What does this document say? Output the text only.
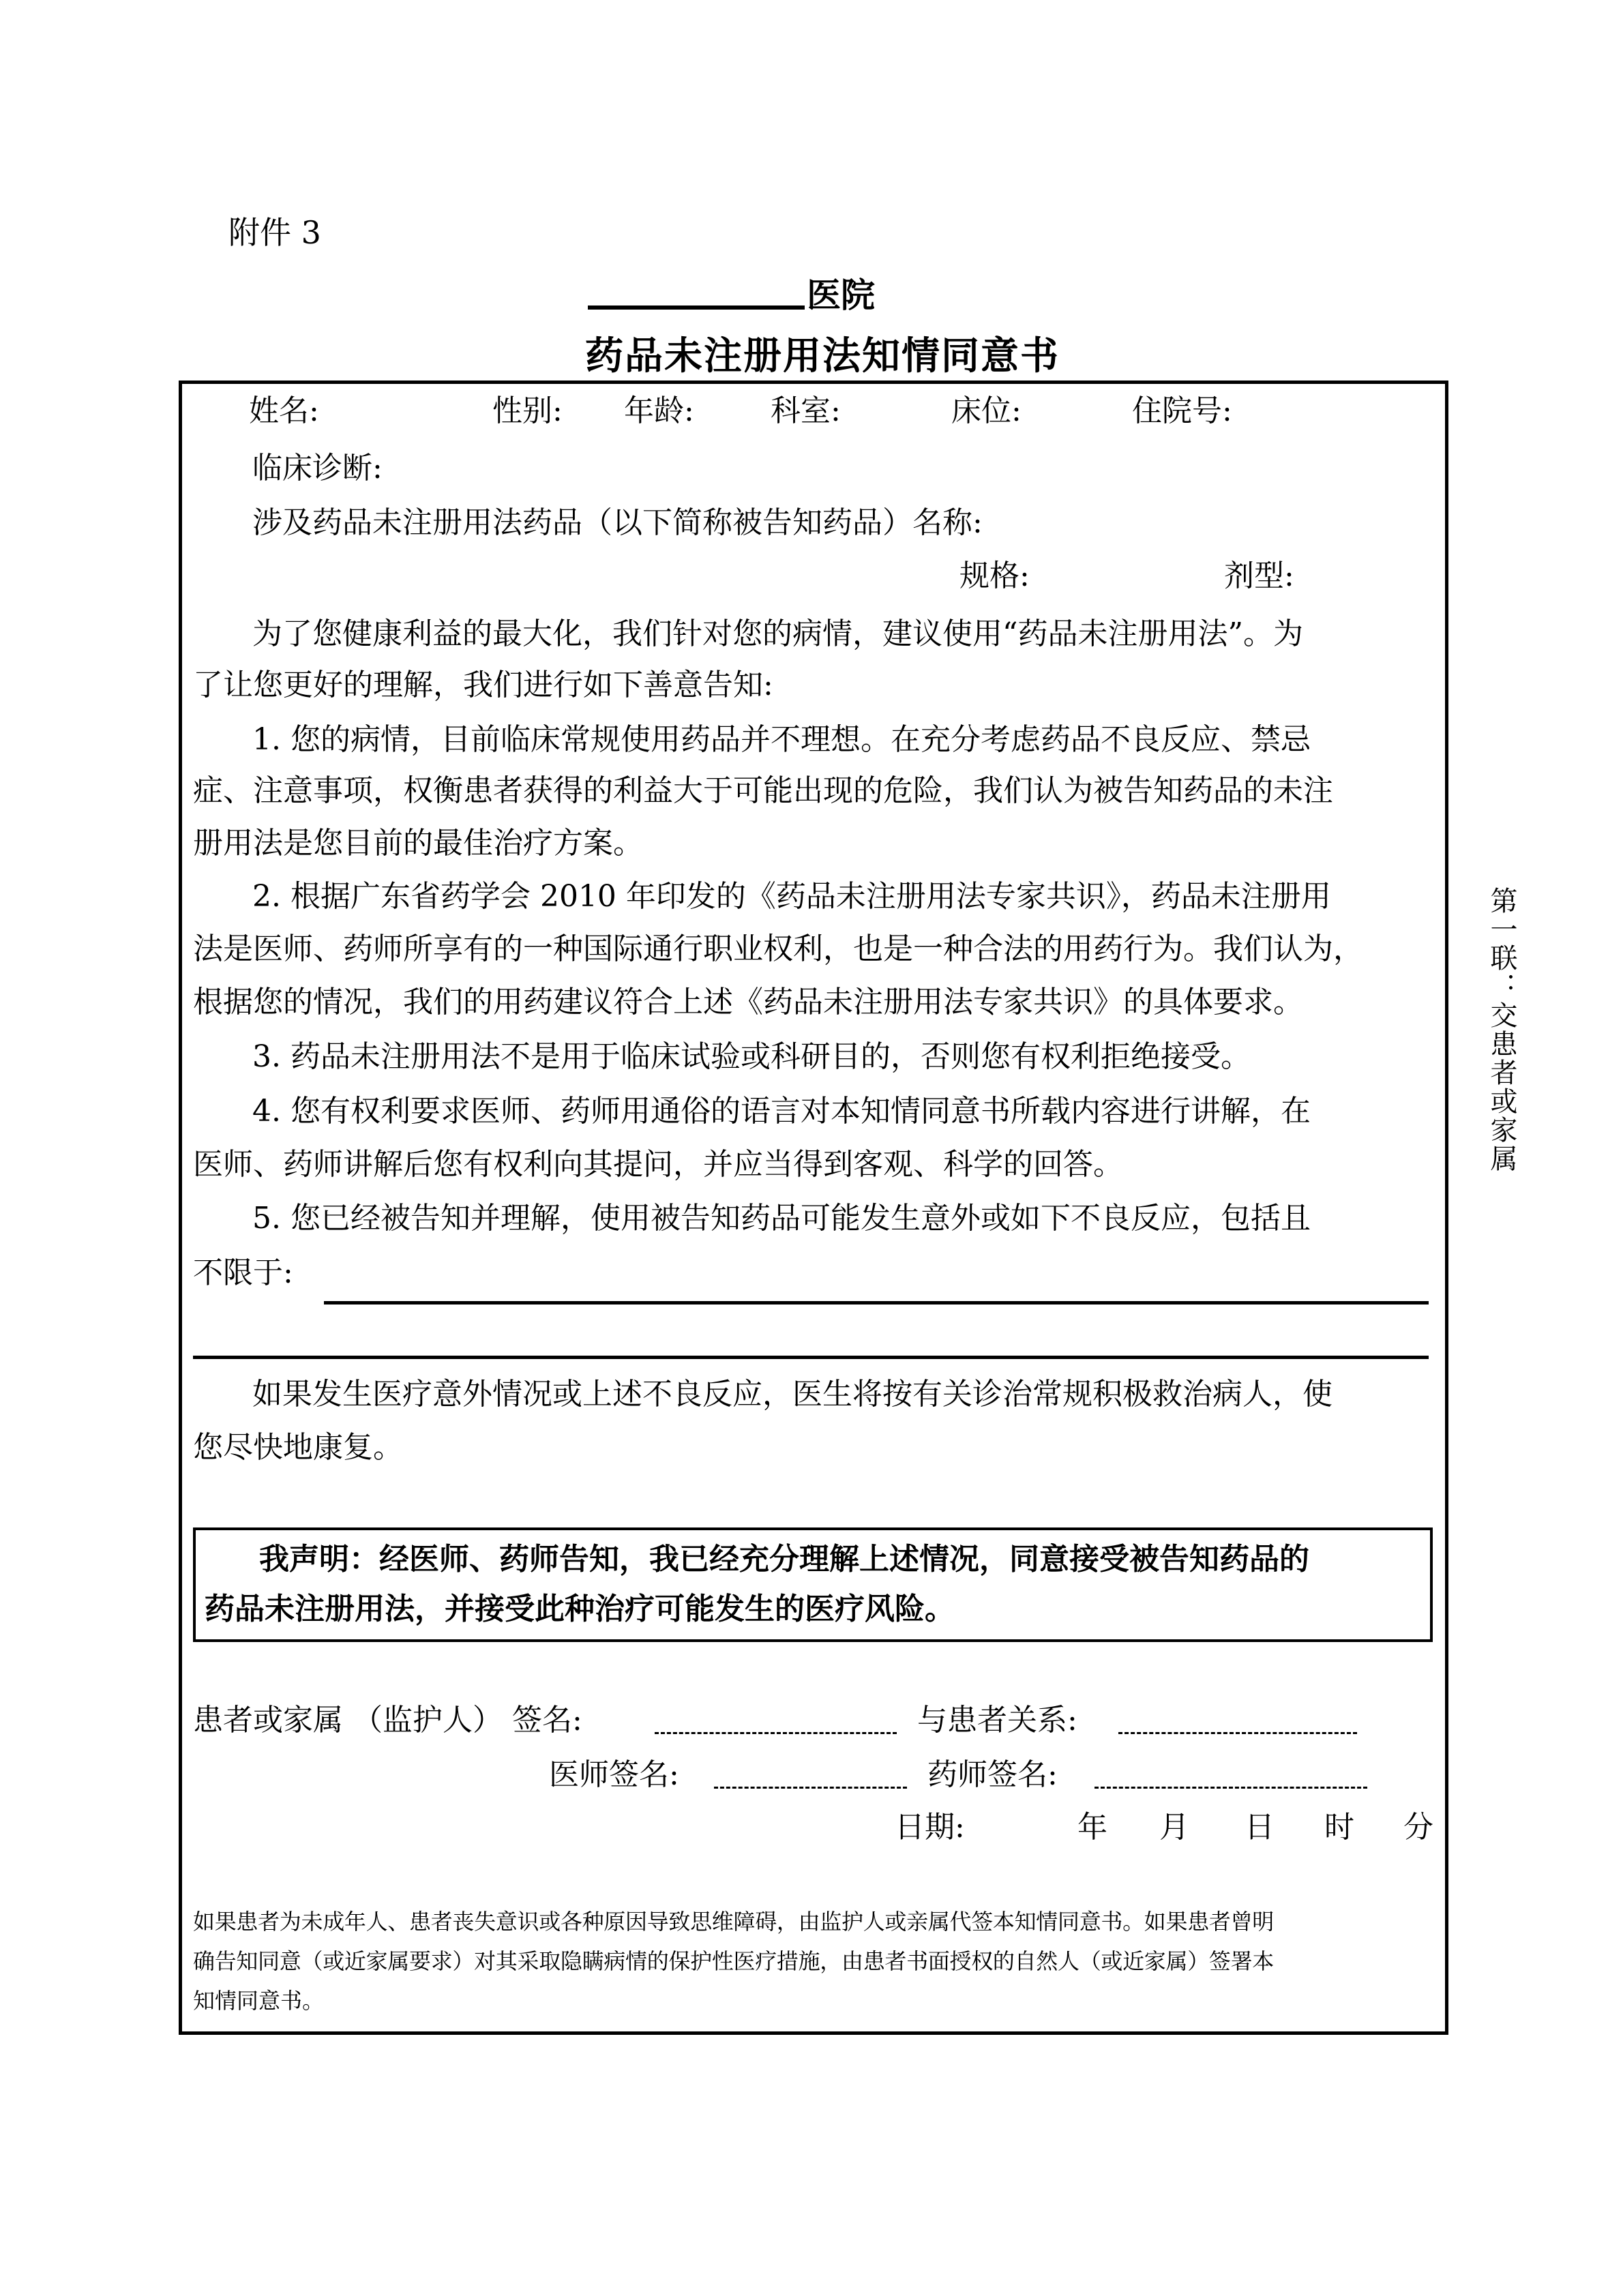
附件 3
医院
药品未注册用法知情同意书
姓名:	性别: 年龄:	科室:	床位:	住院号:
临床诊断:
涉及药品未注册用法药品（以下简称被告知药品）名称:
规格:	剂型:
为了您健康利益的最大化，我们针对您的病情，建议使用“药品未注册用法”。为
了让您更好的理解，我们进行如下善意告知:
1. 您的病情，目前临床常规使用药品并不理想。在充分考虑药品不良反应、禁忌
症、注意事项，权衡患者获得的利益大于可能出现的危险，我们认为被告知药品的未注
册用法是您目前的最佳治疗方案。
2. 根据广东省药学会 2010 年印发的《药品未注册用法专家共识》，药品未注册用
法是医师、药师所享有的一种国际通行职业权利，也是一种合法的用药行为。我们认为，
根据您的情况，我们的用药建议符合上述《药品未注册用法专家共识》的具体要求。
3. 药品未注册用法不是用于临床试验或科研目的，否则您有权利拒绝接受。
4. 您有权利要求医师、药师用通俗的语言对本知情同意书所载内容进行讲解，在
医师、药师讲解后您有权利向其提问，并应当得到客观、科学的回答。
5. 您已经被告知并理解，使用被告知药品可能发生意外或如下不良反应，包括且
不限于:
如果发生医疗意外情况或上述不良反应，医生将按有关诊治常规积极救治病人，使
您尽快地康复。
我声明：经医师、药师告知，我已经充分理解上述情况，同意接受被告知药品的
药品未注册用法，并接受此种治疗可能发生的医疗风险。
患者或家属 （监护人） 签名:	与患者关系:
医师签名:	药师签名:
日期:	年 月 日 时 分
如果患者为未成年人、患者丧失意识或各种原因导致思维障碍，由监护人或亲属代签本知情同意书。如果患者曾明
确告知同意（或近家属要求）对其采取隐瞒病情的保护性医疗措施，由患者书面授权的自然人（或近家属）签署本
知情同意书。
第一联：交患者或家属
